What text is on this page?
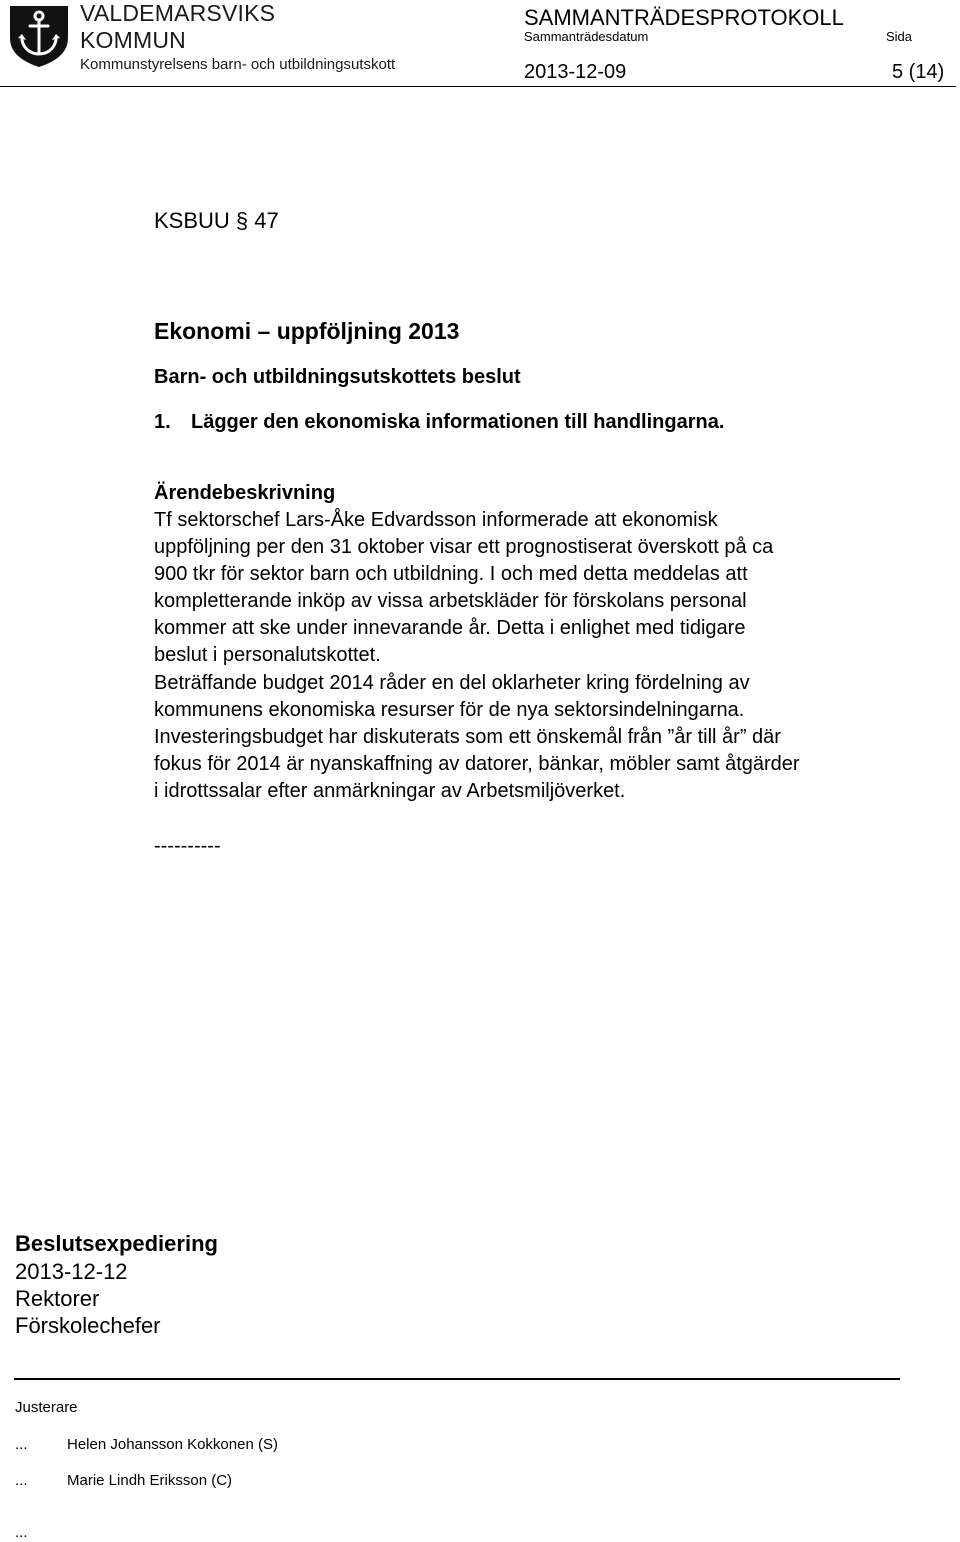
VALDEMARSVIKS
KOMMUN
Kommunstyrelsens barn- och utbildningsutskott
SAMMANTRÄDESPROTOKOLL
Sammanträdesdatum	Sida
2013-12-09	5 (14)

KSBUU § 47

Ekonomi – uppföljning 2013

Barn- och utbildningsutskottets beslut

1. Lägger den ekonomiska informationen till handlingarna.

Ärendebeskrivning

Tf sektorschef Lars-Åke Edvardsson informerade att ekonomisk

uppföljning per den 31 oktober visar ett prognostiserat överskott på ca

900 tkr för sektor barn och utbildning. I och med detta meddelas att

kompletterande inköp av vissa arbetskläder för förskolans personal

kommer att ske under innevarande år. Detta i enlighet med tidigare

beslut i personalutskottet.

Beträffande budget 2014 råder en del oklarheter kring fördelning av

kommunens ekonomiska resurser för de nya sektorsindelningarna.

Investeringsbudget har diskuterats som ett önskemål från ”år till år” där

fokus för 2014 är nyanskaffning av datorer, bänkar, möbler samt åtgärder

i idrottssalar efter anmärkningar av Arbetsmiljöverket.

----------

Beslutsexpediering

2013-12-12

Rektorer

Förskolechefer

Justerare
...	Helen Johansson Kokkonen (S)
...	Marie Lindh Eriksson (C)
...
